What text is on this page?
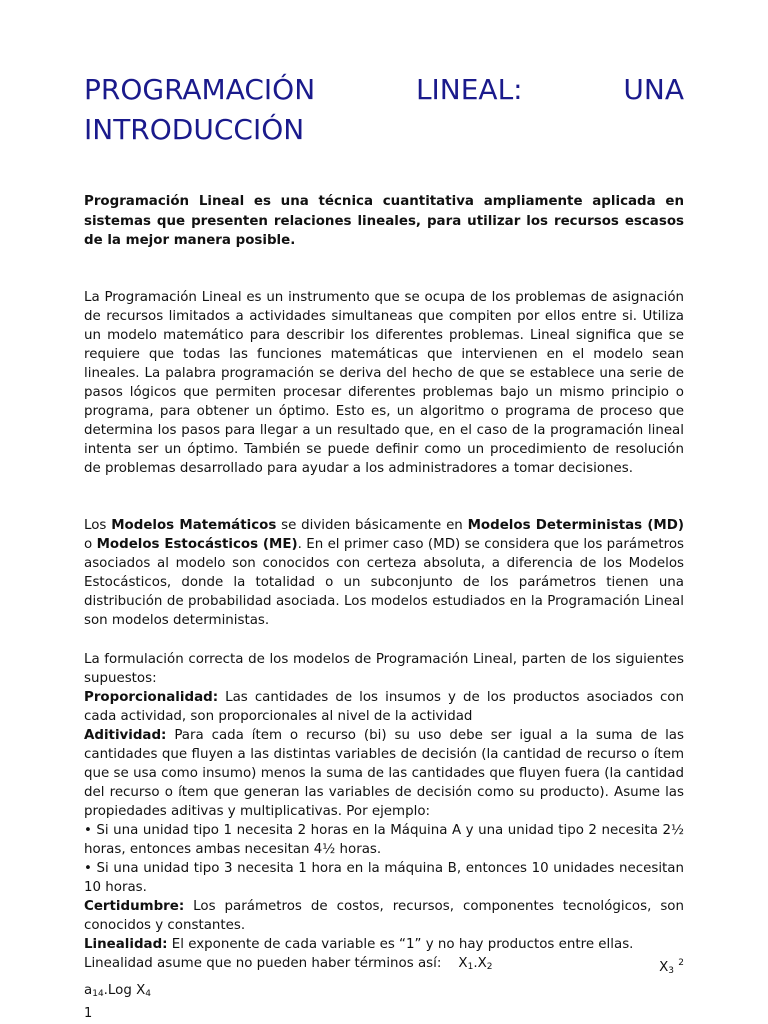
PROGRAMACIÓN	LINEAL:	UNA
INTRODUCCIÓN

Programación Lineal es una técnica cuantitativa ampliamente aplicada en sistemas que presenten relaciones lineales, para utilizar los recursos escasos de la mejor manera posible.

La Programación Lineal es un instrumento que se ocupa de los problemas de asignación de recursos limitados a actividades simultaneas que compiten por ellos entre si. Utiliza un modelo matemático para describir los diferentes problemas. Lineal significa que se requiere que todas las funciones matemáticas que intervienen en el modelo sean lineales. La palabra programación se deriva del hecho de que se establece una serie de pasos lógicos que permiten procesar diferentes problemas bajo un mismo principio o programa, para obtener un óptimo. Esto es, un algoritmo o programa de proceso que determina los pasos para llegar a un resultado que, en el caso de la programación lineal intenta ser un óptimo. También se puede definir como un procedimiento de resolución de problemas desarrollado para ayudar a los administradores a tomar decisiones.

Los Modelos Matemáticos se dividen básicamente en Modelos Deterministas (MD) o Modelos Estocásticos (ME). En el primer caso (MD) se considera que los parámetros asociados al modelo son conocidos con certeza absoluta, a diferencia de los Modelos Estocásticos, donde la totalidad o un subconjunto de los parámetros tienen una distribución de probabilidad asociada. Los modelos estudiados en la Programación Lineal son modelos deterministas.

La formulación correcta de los modelos de Programación Lineal, parten de los siguientes supuestos:

Proporcionalidad: Las cantidades de los insumos y de los productos asociados con cada actividad, son proporcionales al nivel de la actividad

Aditividad: Para cada ítem o recurso (bi) su uso debe ser igual a la suma de las cantidades que fluyen a las distintas variables de decisión (la cantidad de recurso o ítem que se usa como insumo) menos la suma de las cantidades que fluyen fuera (la cantidad del recurso o ítem que generan las variables de decisión como su producto). Asume las propiedades aditivas y multiplicativas. Por ejemplo:

• Si una unidad tipo 1 necesita 2 horas en la Máquina A y una unidad tipo 2 necesita 2½ horas, entonces ambas necesitan 4½ horas.

• Si una unidad tipo 3 necesita 1 hora en la máquina B, entonces 10 unidades necesitan 10 horas.

Certidumbre: Los parámetros de costos, recursos, componentes tecnológicos, son conocidos y constantes.

Linealidad: El exponente de cada variable es “1” y no hay productos entre ellas.

Linealidad asume que no pueden haber términos así: $X_1.X_2$	$X_3$ $^2$

$a_{14}.Log$ $X_4$

1
